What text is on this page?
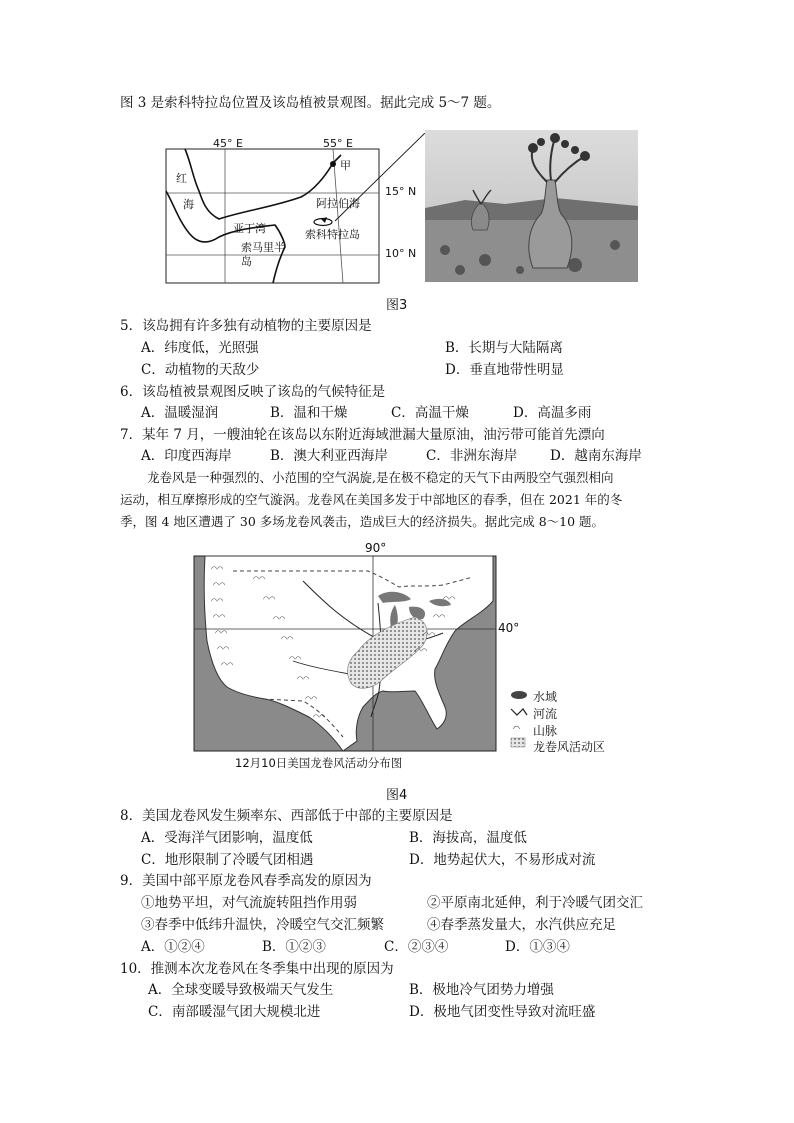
图 3 是索科特拉岛位置及该岛植被景观图。据此完成 5～7 题。
45° E	55° E
15° N
10° N
红
海
甲
阿拉伯海
亚丁湾
索马里半岛
索科特拉岛
图3
5．该岛拥有许多独有动植物的主要原因是
A．纬度低，光照强	B．长期与大陆隔离
C．动植物的天敌少	D．垂直地带性明显
6．该岛植被景观图反映了该岛的气候特征是
A．温暖湿润	B．温和干燥	C．高温干燥	D．高温多雨
7．某年 7 月，一艘油轮在该岛以东附近海域泄漏大量原油，油污带可能首先漂向
A．印度西海岸	B．澳大利亚西海岸	C．非洲东海岸 D．越南东海岸
龙卷风是一种强烈的、小范围的空气涡旋,是在极不稳定的天气下由两股空气强烈相向
运动，相互摩擦形成的空气漩涡。龙卷风在美国多发于中部地区的春季，但在 2021 年的冬
季，图 4 地区遭遇了 30 多场龙卷风袭击，造成巨大的经济损失。据此完成 8～10 题。
◠◠
◠◠
◠◠
◠◠
◠◠
◠◠
◠◠
◠◠
◠◠
◠◠
◠◠
◠◠
◠◠
◠◠
◠◠
◠◠
◠◠
◠◠
◠◠
◠
90°
40°
水域
河流
山脉
龙卷风活动区
12月10日美国龙卷风活动分布图
图4
8．美国龙卷风发生频率东、西部低于中部的主要原因是
A．受海洋气团影响，温度低	B．海拔高，温度低
C．地形限制了冷暖气团相遇	D．地势起伏大，不易形成对流
9．美国中部平原龙卷风春季高发的原因为
①地势平坦，对气流旋转阻挡作用弱	②平原南北延伸，利于冷暖气团交汇
③春季中低纬升温快，冷暖空气交汇频繁	④春季蒸发量大，水汽供应充足
A．①②④	B．①②③	C．②③④	D．①③④
10．推测本次龙卷风在冬季集中出现的原因为
A．全球变暖导致极端天气发生	B．极地冷气团势力增强
C．南部暖湿气团大规模北进	D．极地气团变性导致对流旺盛
